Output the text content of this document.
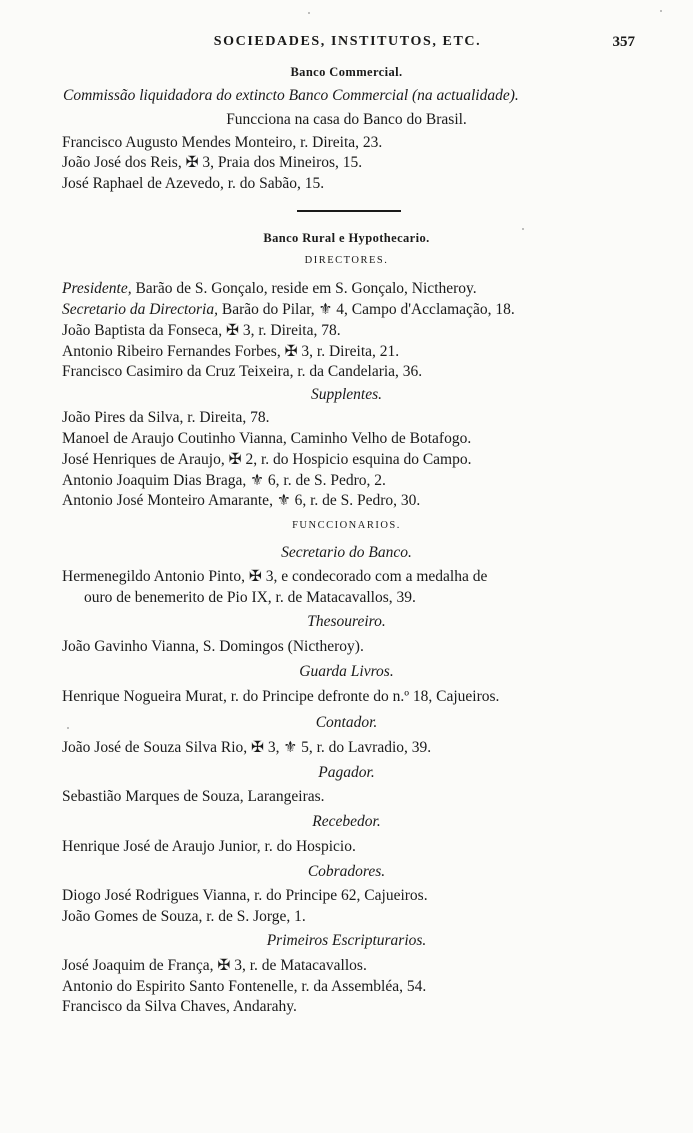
SOCIEDADES, INSTITUTOS, ETC.	357
Banco Commercial.
Commissão liquidadora do extincto Banco Commercial (na actualidade).
Funcciona na casa do Banco do Brasil.
Francisco Augusto Mendes Monteiro, r. Direita, 23.
João José dos Reis, ✠ 3, Praia dos Mineiros, 15.
José Raphael de Azevedo, r. do Sabão, 15.
Banco Rural e Hypothecario.
DIRECTORES.
Presidente, Barão de S. Gonçalo, reside em S. Gonçalo, Nictheroy.
Secretario da Directoria, Barão do Pilar, ⚜ 4, Campo d'Acclamação, 18.
João Baptista da Fonseca, ✠ 3, r. Direita, 78.
Antonio Ribeiro Fernandes Forbes, ✠ 3, r. Direita, 21.
Francisco Casimiro da Cruz Teixeira, r. da Candelaria, 36.
Supplentes.
João Pires da Silva, r. Direita, 78.
Manoel de Araujo Coutinho Vianna, Caminho Velho de Botafogo.
José Henriques de Araujo, ✠ 2, r. do Hospicio esquina do Campo.
Antonio Joaquim Dias Braga, ⚜ 6, r. de S. Pedro, 2.
Antonio José Monteiro Amarante, ⚜ 6, r. de S. Pedro, 30.
FUNCCIONARIOS.
Secretario do Banco.
Hermenegildo Antonio Pinto, ✠ 3, e condecorado com a medalha de
ouro de benemerito de Pio IX, r. de Matacavallos, 39.
Thesoureiro.
João Gavinho Vianna, S. Domingos (Nictheroy).
Guarda Livros.
Henrique Nogueira Murat, r. do Principe defronte do n.º 18, Cajueiros.
Contador.
João José de Souza Silva Rio, ✠ 3, ⚜ 5, r. do Lavradio, 39.
Pagador.
Sebastião Marques de Souza, Larangeiras.
Recebedor.
Henrique José de Araujo Junior, r. do Hospicio.
Cobradores.
Diogo José Rodrigues Vianna, r. do Principe 62, Cajueiros.
João Gomes de Souza, r. de S. Jorge, 1.
Primeiros Escripturarios.
José Joaquim de França, ✠ 3, r. de Matacavallos.
Antonio do Espirito Santo Fontenelle, r. da Assembléa, 54.
Francisco da Silva Chaves, Andarahy.
